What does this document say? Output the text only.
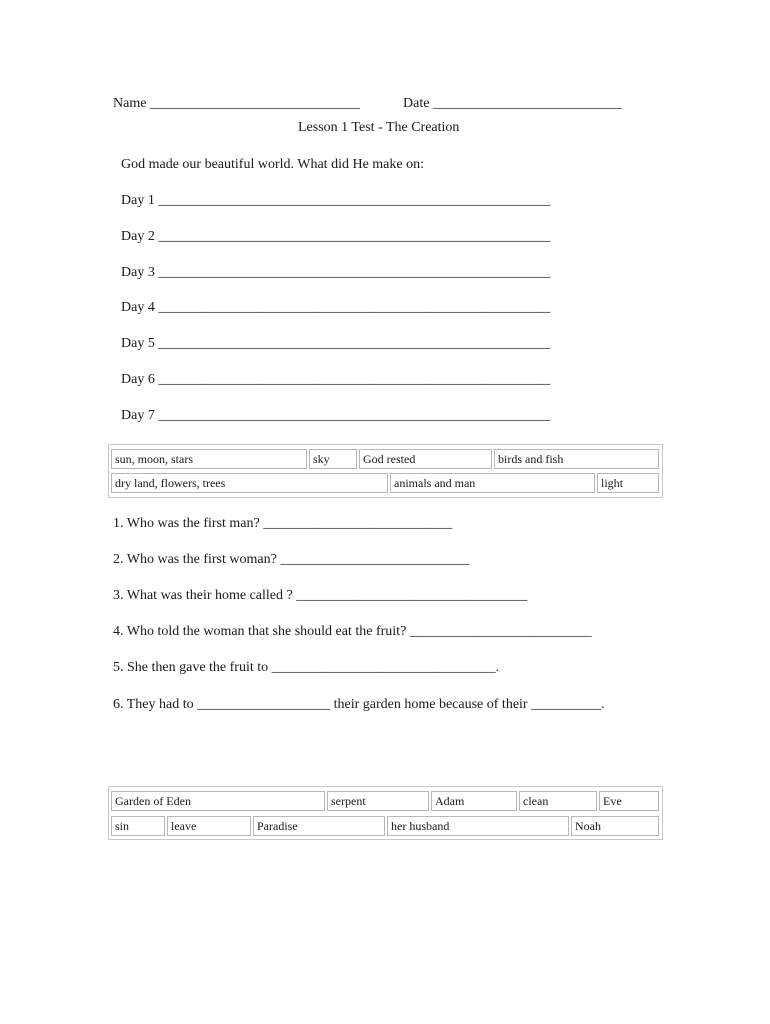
Name ______________________________	Date ___________________________
Lesson 1 Test - The Creation
God made our beautiful world. What did He make on:
Day 1 ________________________________________________________
Day 2 ________________________________________________________
Day 3 ________________________________________________________
Day 4 ________________________________________________________
Day 5 ________________________________________________________
Day 6 ________________________________________________________
Day 7 ________________________________________________________
sun, moon, stars	sky	God rested	birds and fish
dry land, flowers, trees	animals and man	light
1. Who was the first man? ___________________________
2. Who was the first woman? ___________________________
3. What was their home called ? _________________________________
4. Who told the woman that she should eat the fruit? __________________________
5. She then gave the fruit to ________________________________.
6. They had to ___________________ their garden home because of their __________.
Garden of Eden	serpent	Adam	clean	Eve
sin	leave	Paradise	her husband	Noah
